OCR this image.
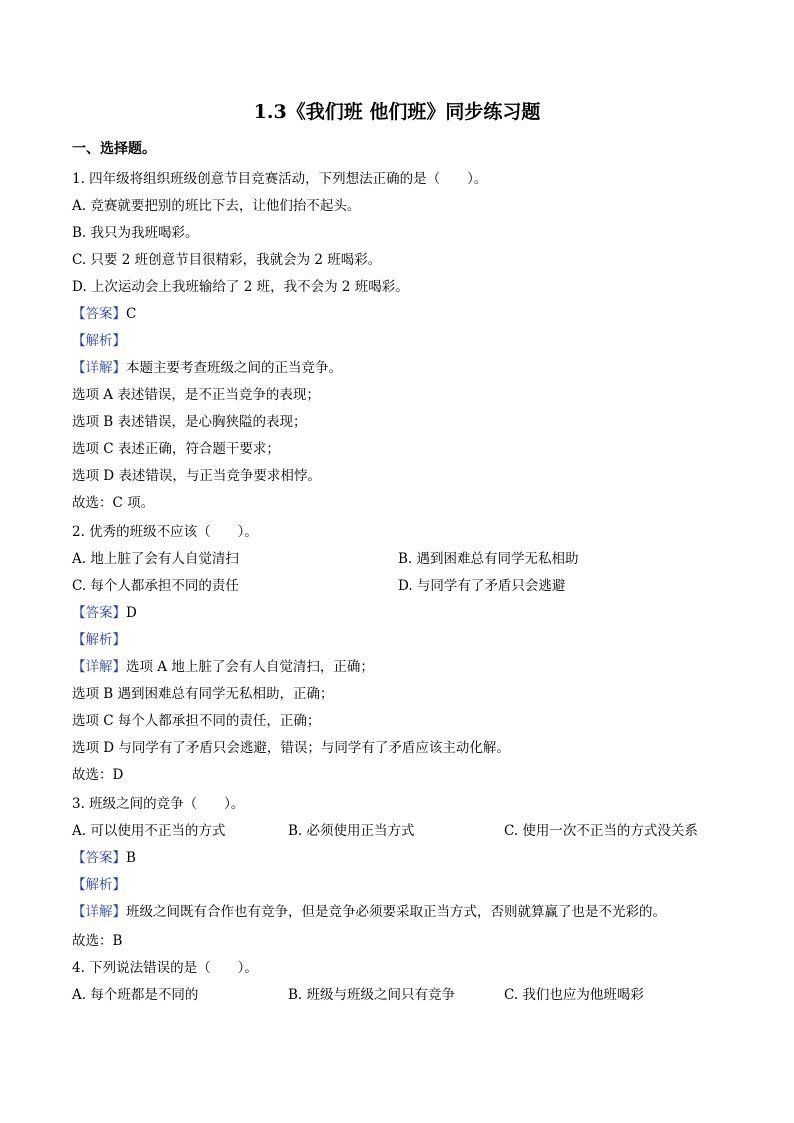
1.3《我们班 他们班》同步练习题
一、选择题。
1. 四年级将组织班级创意节目竞赛活动，下列想法正确的是（　　）。
A. 竞赛就要把别的班比下去，让他们抬不起头。
B. 我只为我班喝彩。
C. 只要 2 班创意节目很精彩，我就会为 2 班喝彩。
D. 上次运动会上我班输给了 2 班，我不会为 2 班喝彩。
【答案】C
【解析】
【详解】本题主要考查班级之间的正当竞争。
选项 A 表述错误，是不正当竞争的表现；
选项 B 表述错误，是心胸狭隘的表现；
选项 C 表述正确，符合题干要求；
选项 D 表述错误，与正当竞争要求相悖。
故选：C 项。
2. 优秀的班级不应该（　　）。
A. 地上脏了会有人自觉清扫	B. 遇到困难总有同学无私相助
C. 每个人都承担不同的责任	D. 与同学有了矛盾只会逃避
【答案】D
【解析】
【详解】选项 A 地上脏了会有人自觉清扫，正确；
选项 B 遇到困难总有同学无私相助，正确；
选项 C 每个人都承担不同的责任，正确；
选项 D 与同学有了矛盾只会逃避，错误；与同学有了矛盾应该主动化解。
故选：D
3. 班级之间的竞争（　　）。
A. 可以使用不正当的方式	B. 必须使用正当方式	C. 使用一次不正当的方式没关系
【答案】B
【解析】
【详解】班级之间既有合作也有竞争，但是竞争必须要采取正当方式，否则就算赢了也是不光彩的。
故选：B
4. 下列说法错误的是（　　）。
A. 每个班都是不同的	B. 班级与班级之间只有竞争	C. 我们也应为他班喝彩
